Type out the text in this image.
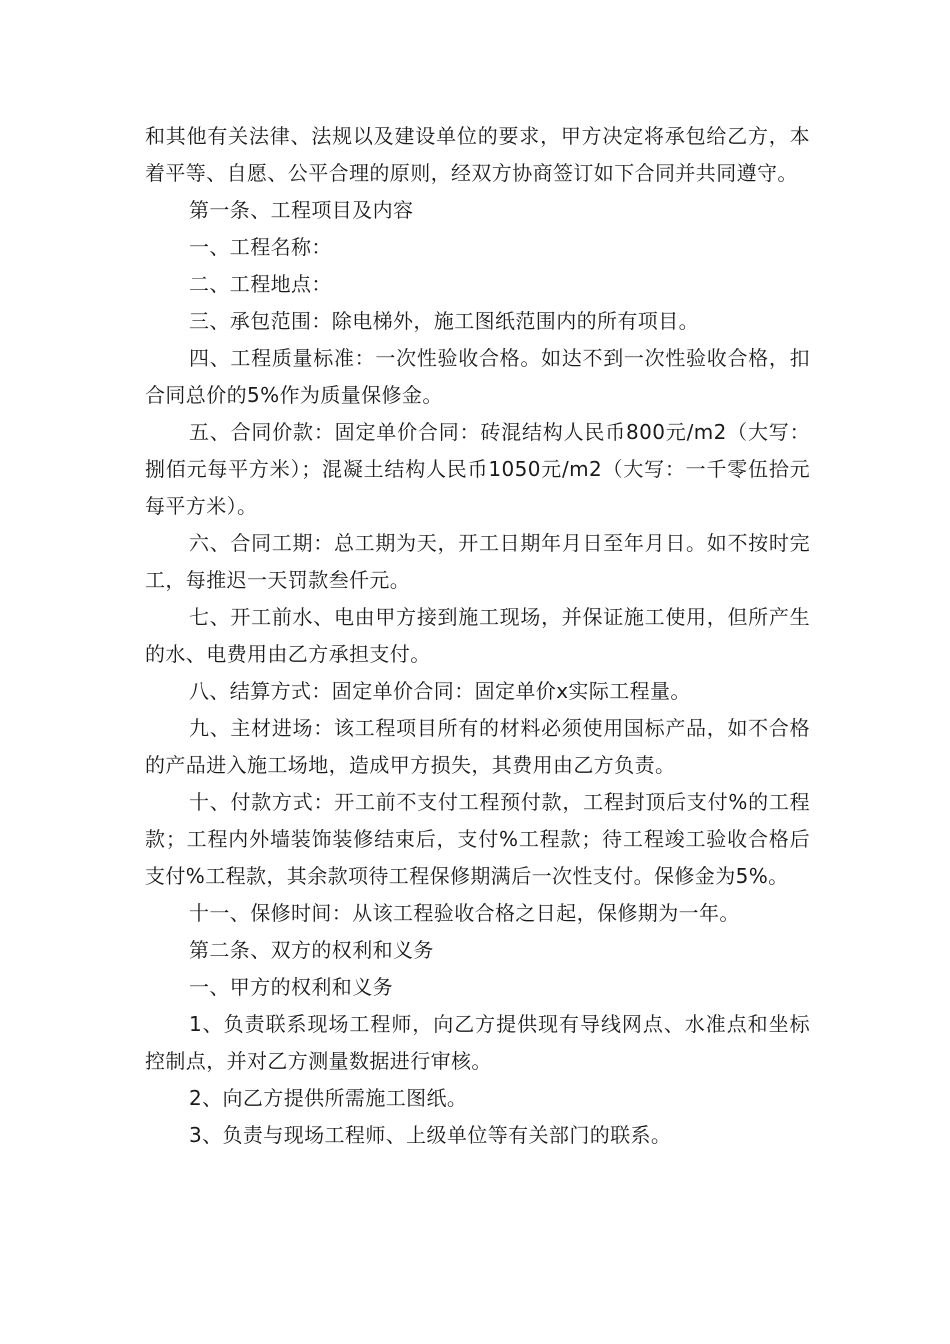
和其他有关法律、法规以及建设单位的要求，甲方决定将承包给乙方，本着平等、自愿、公平合理的原则，经双方协商签订如下合同并共同遵守。

第一条、工程项目及内容

一、工程名称：

二、工程地点：

三、承包范围：除电梯外，施工图纸范围内的所有项目。

四、工程质量标准：一次性验收合格。如达不到一次性验收合格，扣合同总价的5%作为质量保修金。

五、合同价款：固定单价合同：砖混结构人民币800元/m2（大写：捌佰元每平方米）；混凝土结构人民币1050元/m2（大写：一千零伍拾元每平方米）。

六、合同工期：总工期为天，开工日期年月日至年月日。如不按时完工，每推迟一天罚款叁仟元。

七、开工前水、电由甲方接到施工现场，并保证施工使用，但所产生的水、电费用由乙方承担支付。

八、结算方式：固定单价合同：固定单价x实际工程量。

九、主材进场：该工程项目所有的材料必须使用国标产品，如不合格的产品进入施工场地，造成甲方损失，其费用由乙方负责。

十、付款方式：开工前不支付工程预付款，工程封顶后支付%的工程款；工程内外墙装饰装修结束后，支付%工程款；待工程竣工验收合格后支付%工程款，其余款项待工程保修期满后一次性支付。保修金为5%。

十一、保修时间：从该工程验收合格之日起，保修期为一年。

第二条、双方的权利和义务

一、甲方的权利和义务

1、负责联系现场工程师，向乙方提供现有导线网点、水准点和坐标控制点，并对乙方测量数据进行审核。

2、向乙方提供所需施工图纸。

3、负责与现场工程师、上级单位等有关部门的联系。
